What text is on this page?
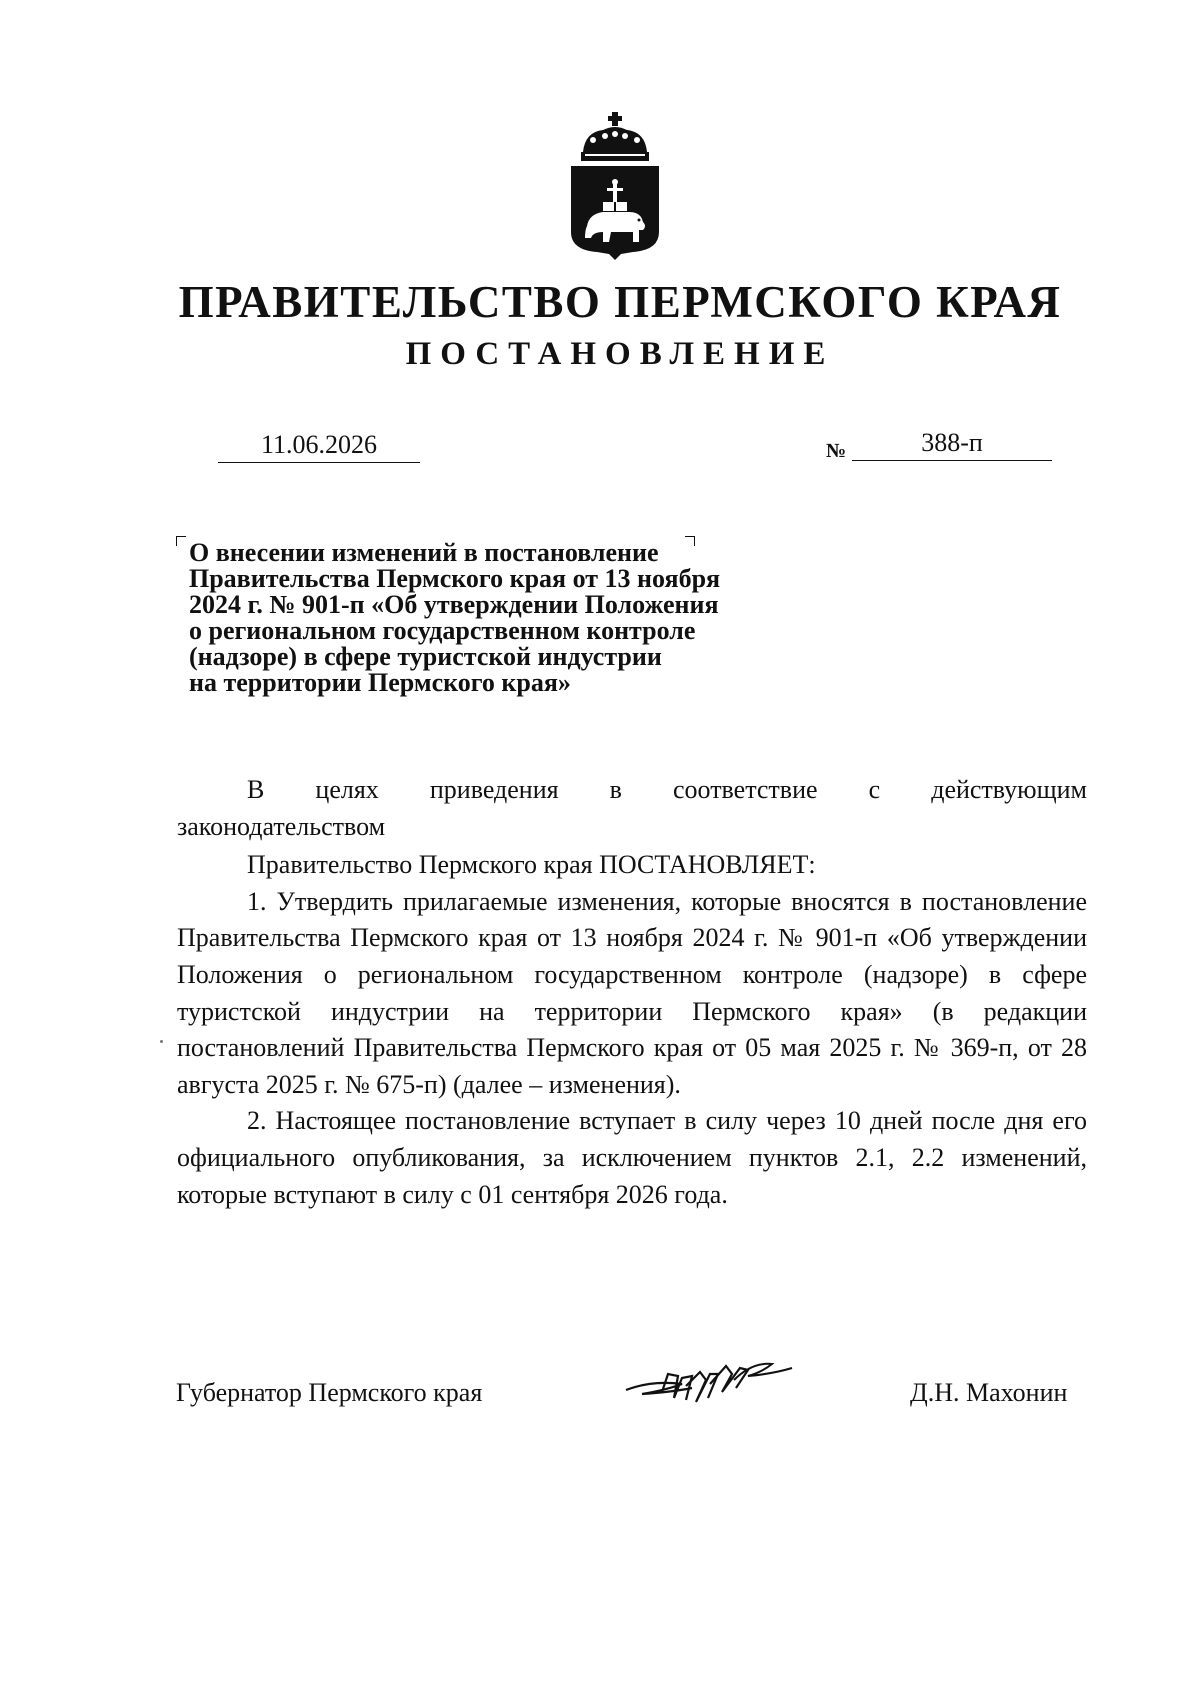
ПРАВИТЕЛЬСТВО ПЕРМСКОГО КРАЯ
ПОСТАНОВЛЕНИЕ
11.06.2026	№	388-п
О внесении изменений в постановление
Правительства Пермского края от 13 ноября
2024 г. № 901-п «Об утверждении Положения
о региональном государственном контроле
(надзоре) в сфере туристской индустрии
на территории Пермского края»

В целях приведения в соответствие с действующим

законодательством

Правительство Пермского края ПОСТАНОВЛЯЕТ:

1. Утвердить прилагаемые изменения, которые вносятся в постановление Правительства Пермского края от 13 ноября 2024 г. № 901-п «Об утверждении Положения о региональном государственном контроле (надзоре) в сфере туристской индустрии на территории Пермского края» (в редакции постановлений Правительства Пермского края от 05 мая 2025 г. № 369-п, от 28 августа 2025 г. № 675-п) (далее – изменения).

2. Настоящее постановление вступает в силу через 10 дней после дня его официального опубликования, за исключением пунктов 2.1, 2.2 изменений, которые вступают в силу с 01 сентября 2026 года.

Губернатор Пермского края	Д.Н. Махонин
